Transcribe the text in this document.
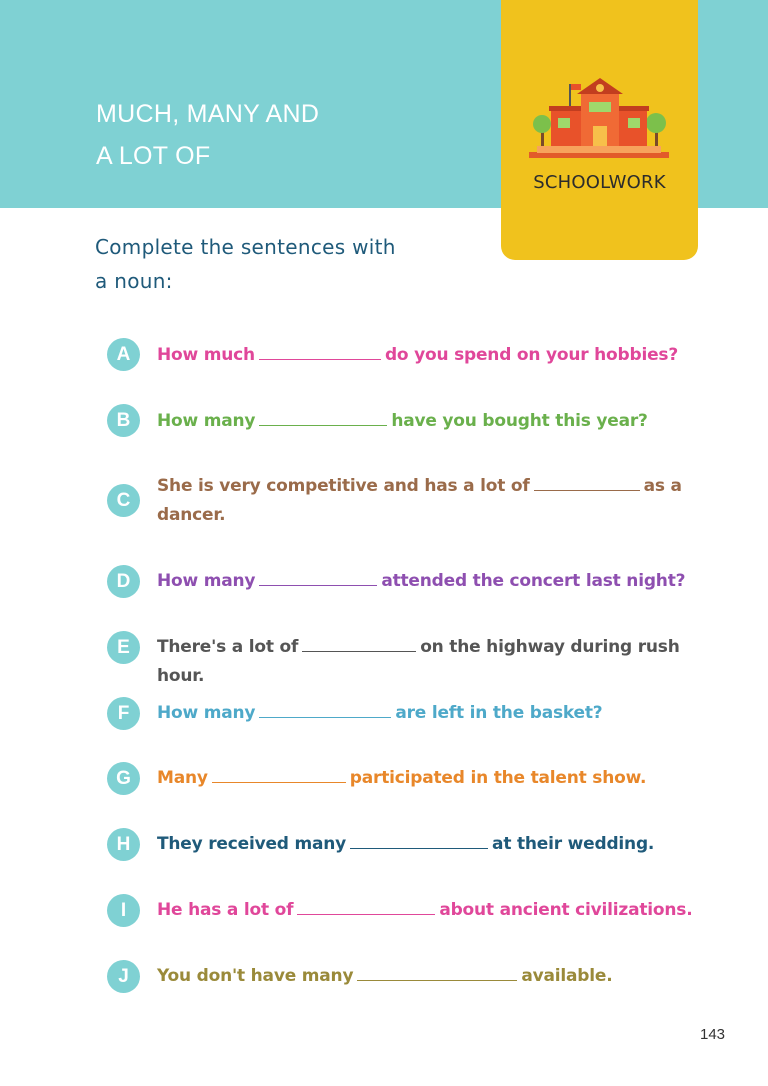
MUCH, MANY AND
A LOT OF
SCHOOLWORK
Complete the sentences with
a noun:
A	How much	do you spend on your hobbies?
B	How many	have you bought this year?
C
She is very competitive and has a lot of	as a dancer.
D	How many	attended the concert last night?
E	There's a lot of	on the highway during rush hour.
F	How many	are left in the basket?
G	Many	participated in the talent show.
H	They received many	at their wedding.
I	He has a lot of	about ancient civilizations.
J	You don't have many	available.
143
